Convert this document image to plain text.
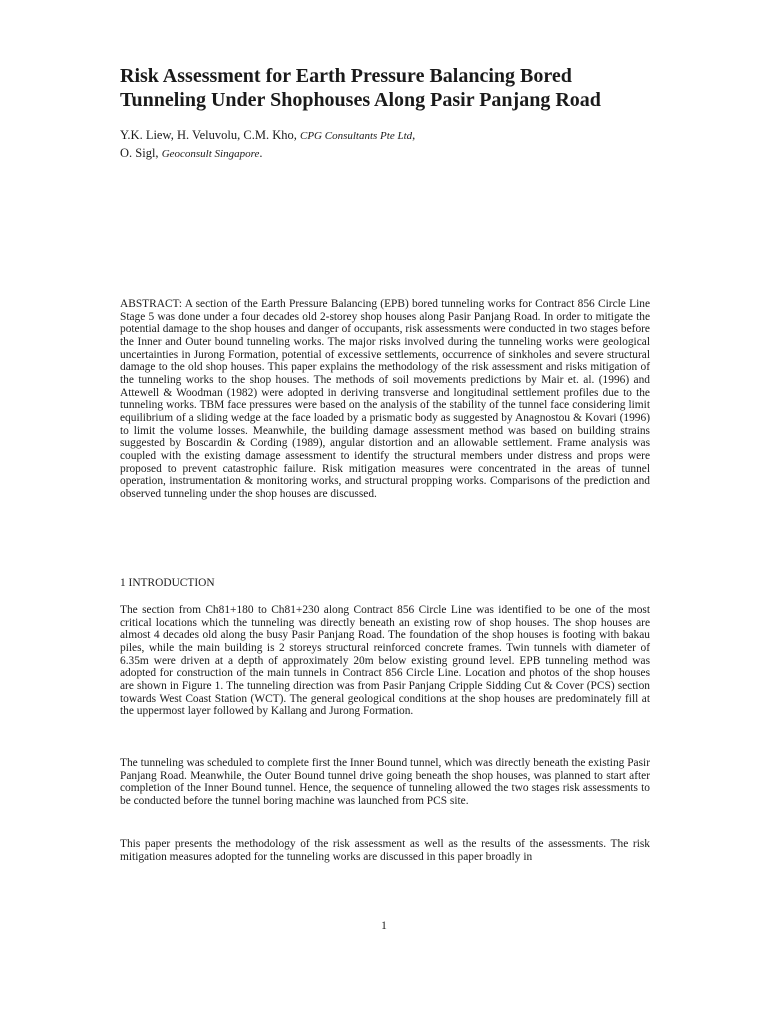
Risk Assessment for Earth Pressure Balancing Bored
Tunneling Under Shophouses Along Pasir Panjang Road
Y.K. Liew, H. Veluvolu, C.M. Kho, CPG Consultants Pte Ltd,
O. Sigl, Geoconsult Singapore.

ABSTRACT: A section of the Earth Pressure Balancing (EPB) bored tunneling works for Contract 856 Circle Line Stage 5 was done under a four decades old 2-storey shop houses along Pasir Panjang Road. In order to mitigate the potential damage to the shop houses and danger of occupants, risk assessments were conducted in two stages before the Inner and Outer bound tunneling works. The major risks involved during the tunneling works were geological uncertainties in Jurong Formation, potential of excessive settlements, occurrence of sinkholes and severe structural damage to the old shop houses. This paper explains the methodology of the risk assessment and risks mitigation of the tunneling works to the shop houses. The methods of soil movements predictions by Mair et. al. (1996) and Attewell & Woodman (1982) were adopted in deriving transverse and longitudinal settlement profiles due to the tunneling works. TBM face pressures were based on the analysis of the stability of the tunnel face considering limit equilibrium of a sliding wedge at the face loaded by a prismatic body as suggested by Anagnostou & Kovari (1996) to limit the volume losses. Meanwhile, the building damage assessment method was based on building strains suggested by Boscardin & Cording (1989), angular distortion and an allowable settlement. Frame analysis was coupled with the existing damage assessment to identify the structural members under distress and props were proposed to prevent catastrophic failure. Risk mitigation measures were concentrated in the areas of tunnel operation, instrumentation & monitoring works, and structural propping works. Comparisons of the prediction and observed tunneling under the shop houses are discussed.

1 INTRODUCTION

The section from Ch81+180 to Ch81+230 along Contract 856 Circle Line was identified to be one of the most critical locations which the tunneling was directly beneath an existing row of shop houses. The shop houses are almost 4 decades old along the busy Pasir Panjang Road. The foundation of the shop houses is footing with bakau piles, while the main building is 2 storeys structural reinforced concrete frames. Twin tunnels with diameter of 6.35m were driven at a depth of approximately 20m below existing ground level. EPB tunneling method was adopted for construction of the main tunnels in Contract 856 Circle Line. Location and photos of the shop houses are shown in Figure 1. The tunneling direction was from Pasir Panjang Cripple Sidding Cut & Cover (PCS) section towards West Coast Station (WCT). The general geological conditions at the shop houses are predominately fill at the uppermost layer followed by Kallang and Jurong Formation.

The tunneling was scheduled to complete first the Inner Bound tunnel, which was directly beneath the existing Pasir Panjang Road. Meanwhile, the Outer Bound tunnel drive going beneath the shop houses, was planned to start after completion of the Inner Bound tunnel. Hence, the sequence of tunneling allowed the two stages risk assessments to be conducted before the tunnel boring machine was launched from PCS site.

This paper presents the methodology of the risk assessment as well as the results of the assessments. The risk mitigation measures adopted for the tunneling works are discussed in this paper broadly in

1
